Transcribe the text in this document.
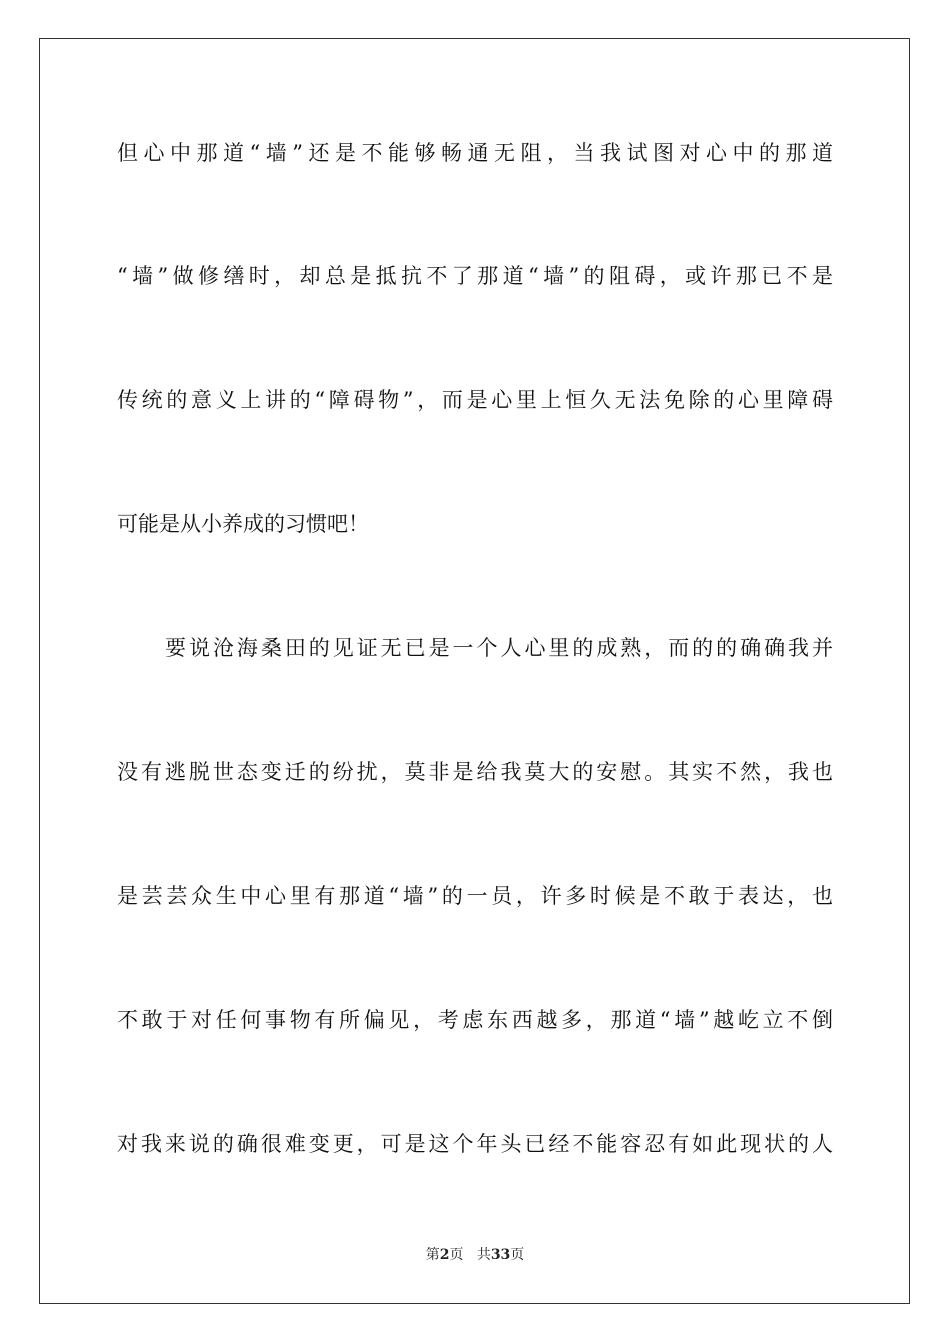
但心中那道“墙”还是不能够畅通无阻，当我试图对心中的那道
“墙”做修缮时，却总是抵抗不了那道“墙”的阻碍，或许那已不是
传统的意义上讲的“障碍物”，而是心里上恒久无法免除的心里障碍
可能是从小养成的习惯吧！
要说沧海桑田的见证无已是一个人心里的成熟，而的的确确我并
没有逃脱世态变迁的纷扰，莫非是给我莫大的安慰。其实不然，我也
是芸芸众生中心里有那道“墙”的一员，许多时候是不敢于表达，也
不敢于对任何事物有所偏见，考虑东西越多，那道“墙”越屹立不倒
对我来说的确很难变更，可是这个年头已经不能容忍有如此现状的人
第2页 共33页
